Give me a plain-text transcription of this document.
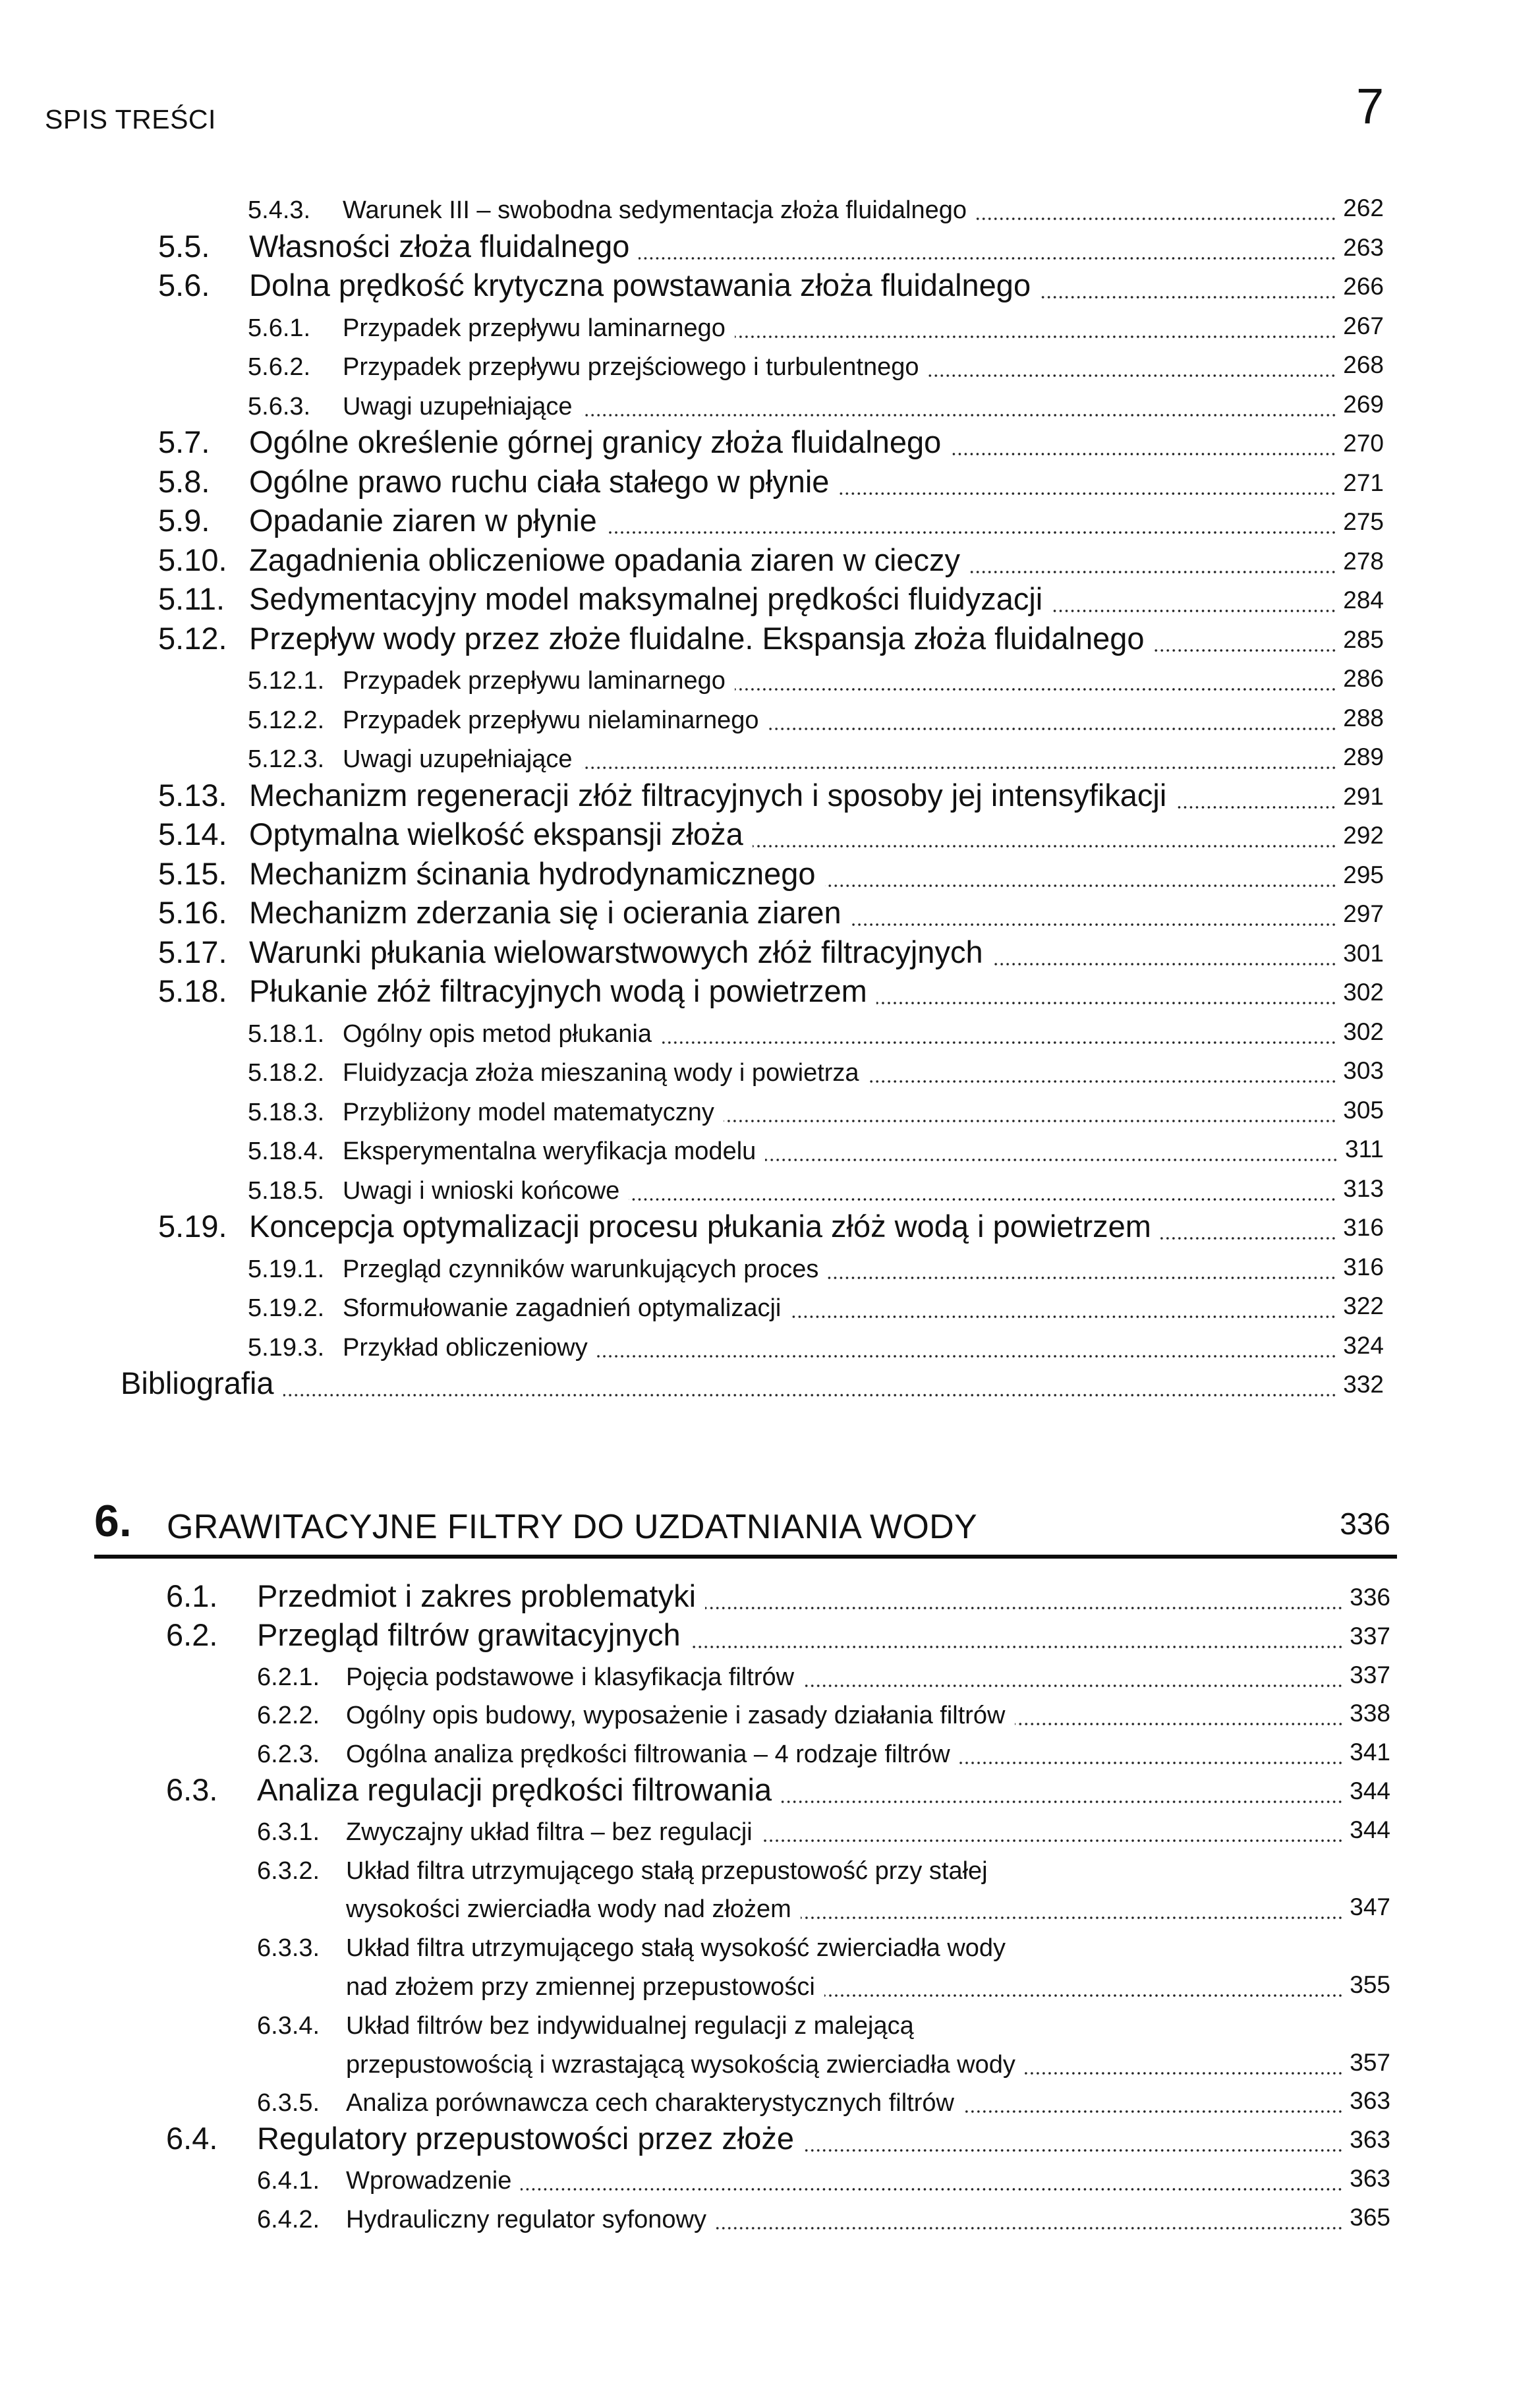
SPIS TREŚCI	7
5.4.3. Warunek III – swobodna sedymentacja złoża fluidalnego	262
5.5. Własności złoża fluidalnego	263
5.6. Dolna prędkość krytyczna powstawania złoża fluidalnego	266
5.6.1. Przypadek przepływu laminarnego	267
5.6.2. Przypadek przepływu przejściowego i turbulentnego	268
5.6.3. Uwagi uzupełniające	269
5.7. Ogólne określenie górnej granicy złoża fluidalnego	270
5.8. Ogólne prawo ruchu ciała stałego w płynie	271
5.9. Opadanie ziaren w płynie	275
5.10. Zagadnienia obliczeniowe opadania ziaren w cieczy	278
5.11. Sedymentacyjny model maksymalnej prędkości fluidyzacji	284
5.12. Przepływ wody przez złoże fluidalne. Ekspansja złoża fluidalnego	285
5.12.1. Przypadek przepływu laminarnego	286
5.12.2. Przypadek przepływu nielaminarnego	288
5.12.3. Uwagi uzupełniające	289
5.13. Mechanizm regeneracji złóż filtracyjnych i sposoby jej intensyfikacji	291
5.14. Optymalna wielkość ekspansji złoża	292
5.15. Mechanizm ścinania hydrodynamicznego	295
5.16. Mechanizm zderzania się i ocierania ziaren	297
5.17. Warunki płukania wielowarstwowych złóż filtracyjnych	301
5.18. Płukanie złóż filtracyjnych wodą i powietrzem	302
5.18.1. Ogólny opis metod płukania	302
5.18.2. Fluidyzacja złoża mieszaniną wody i powietrza	303
5.18.3. Przybliżony model matematyczny	305
5.18.4. Eksperymentalna weryfikacja modelu	311
5.18.5. Uwagi i wnioski końcowe	313
5.19. Koncepcja optymalizacji procesu płukania złóż wodą i powietrzem	316
5.19.1. Przegląd czynników warunkujących proces	316
5.19.2. Sformułowanie zagadnień optymalizacji	322
5.19.3. Przykład obliczeniowy	324
Bibliografia	332
6. GRAWITACYJNE FILTRY DO UZDATNIANIA WODY	336
6.1. Przedmiot i zakres problematyki	336
6.2. Przegląd filtrów grawitacyjnych	337
6.2.1. Pojęcia podstawowe i klasyfikacja filtrów	337
6.2.2. Ogólny opis budowy, wyposażenie i zasady działania filtrów	338
6.2.3. Ogólna analiza prędkości filtrowania – 4 rodzaje filtrów	341
6.3. Analiza regulacji prędkości filtrowania	344
6.3.1. Zwyczajny układ filtra – bez regulacji	344
6.3.2. Układ filtra utrzymującego stałą przepustowość przy stałej
wysokości zwierciadła wody nad złożem	347
6.3.3. Układ filtra utrzymującego stałą wysokość zwierciadła wody
nad złożem przy zmiennej przepustowości	355
6.3.4. Układ filtrów bez indywidualnej regulacji z malejącą
przepustowością i wzrastającą wysokością zwierciadła wody	357
6.3.5. Analiza porównawcza cech charakterystycznych filtrów	363
6.4. Regulatory przepustowości przez złoże	363
6.4.1. Wprowadzenie	363
6.4.2. Hydrauliczny regulator syfonowy	365
